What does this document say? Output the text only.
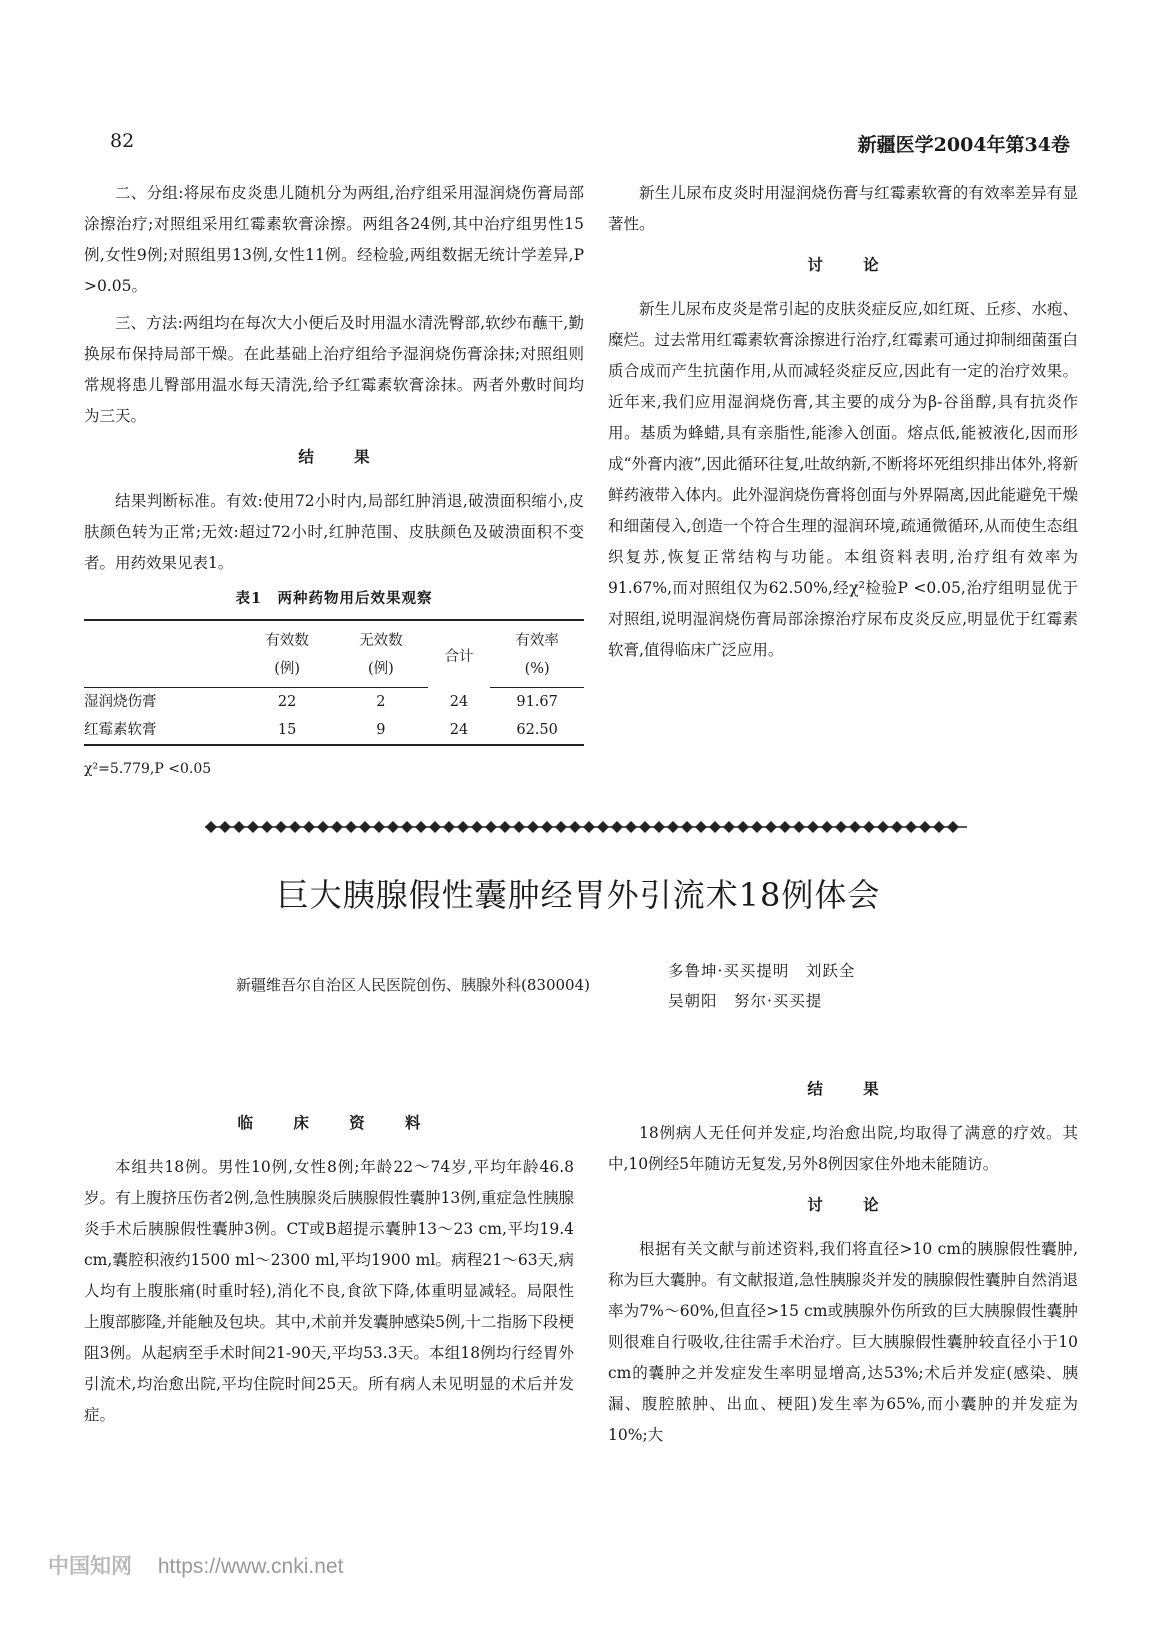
82	新疆医学2004年第34卷

二、分组:将尿布皮炎患儿随机分为两组,治疗组采用湿润烧伤膏局部涂擦治疗;对照组采用红霉素软膏涂擦。两组各24例,其中治疗组男性15例,女性9例;对照组男13例,女性11例。经检验,两组数据无统计学差异,P >0.05。

三、方法:两组均在每次大小便后及时用温水清洗臀部,软纱布蘸干,勤换尿布保持局部干燥。在此基础上治疗组给予湿润烧伤膏涂抹;对照组则常规将患儿臀部用温水每天清洗,给予红霉素软膏涂抹。两者外敷时间均为三天。

结果

结果判断标准。有效:使用72小时内,局部红肿消退,破溃面积缩小,皮肤颜色转为正常;无效:超过72小时,红肿范围、皮肤颜色及破溃面积不变者。用药效果见表1。

表1　两种药物用后效果观察
	有效数	无效数	合计	有效率
	(例)	(例)		(%)
湿润烧伤膏	22	2	24	91.67
红霉素软膏	15	9	24	62.50
χ²=5.779,P <0.05

新生儿尿布皮炎时用湿润烧伤膏与红霉素软膏的有效率差异有显著性。

讨论

新生儿尿布皮炎是常引起的皮肤炎症反应,如红斑、丘疹、水疱、糜烂。过去常用红霉素软膏涂擦进行治疗,红霉素可通过抑制细菌蛋白质合成而产生抗菌作用,从而减轻炎症反应,因此有一定的治疗效果。近年来,我们应用湿润烧伤膏,其主要的成分为β-谷甾醇,具有抗炎作用。基质为蜂蜡,具有亲脂性,能渗入创面。熔点低,能被液化,因而形成“外膏内液”,因此循环往复,吐故纳新,不断将坏死组织排出体外,将新鲜药液带入体内。此外湿润烧伤膏将创面与外界隔离,因此能避免干燥和细菌侵入,创造一个符合生理的湿润环境,疏通微循环,从而使生态组织复苏,恢复正常结构与功能。本组资料表明,治疗组有效率为91.67%,而对照组仅为62.50%,经χ²检验P <0.05,治疗组明显优于对照组,说明湿润烧伤膏局部涂擦治疗尿布皮炎反应,明显优于红霉素软膏,值得临床广泛应用。

巨大胰腺假性囊肿经胃外引流术18例体会
新疆维吾尔自治区人民医院创伤、胰腺外科(830004)
多鲁坤·买买提明　刘跃全
吴朝阳　努尔·买买提
临床资料

本组共18例。男性10例,女性8例;年龄22～74岁,平均年龄46.8岁。有上腹挤压伤者2例,急性胰腺炎后胰腺假性囊肿13例,重症急性胰腺炎手术后胰腺假性囊肿3例。CT或B超提示囊肿13～23 cm,平均19.4 cm,囊腔积液约1500 ml～2300 ml,平均1900 ml。病程21～63天,病人均有上腹胀痛(时重时轻),消化不良,食欲下降,体重明显减轻。局限性上腹部膨隆,并能触及包块。其中,术前并发囊肿感染5例,十二指肠下段梗阻3例。从起病至手术时间21-90天,平均53.3天。本组18例均行经胃外引流术,均治愈出院,平均住院时间25天。所有病人未见明显的术后并发症。

结果

18例病人无任何并发症,均治愈出院,均取得了满意的疗效。其中,10例经5年随访无复发,另外8例因家住外地未能随访。

讨论

根据有关文献与前述资料,我们将直径>10 cm的胰腺假性囊肿,称为巨大囊肿。有文献报道,急性胰腺炎并发的胰腺假性囊肿自然消退率为7%～60%,但直径>15 cm或胰腺外伤所致的巨大胰腺假性囊肿则很难自行吸收,往往需手术治疗。巨大胰腺假性囊肿较直径小于10 cm的囊肿之并发症发生率明显增高,达53%;术后并发症(感染、胰漏、腹腔脓肿、出血、梗阻)发生率为65%,而小囊肿的并发症为10%;大

中国知网 https://www.cnki.net
